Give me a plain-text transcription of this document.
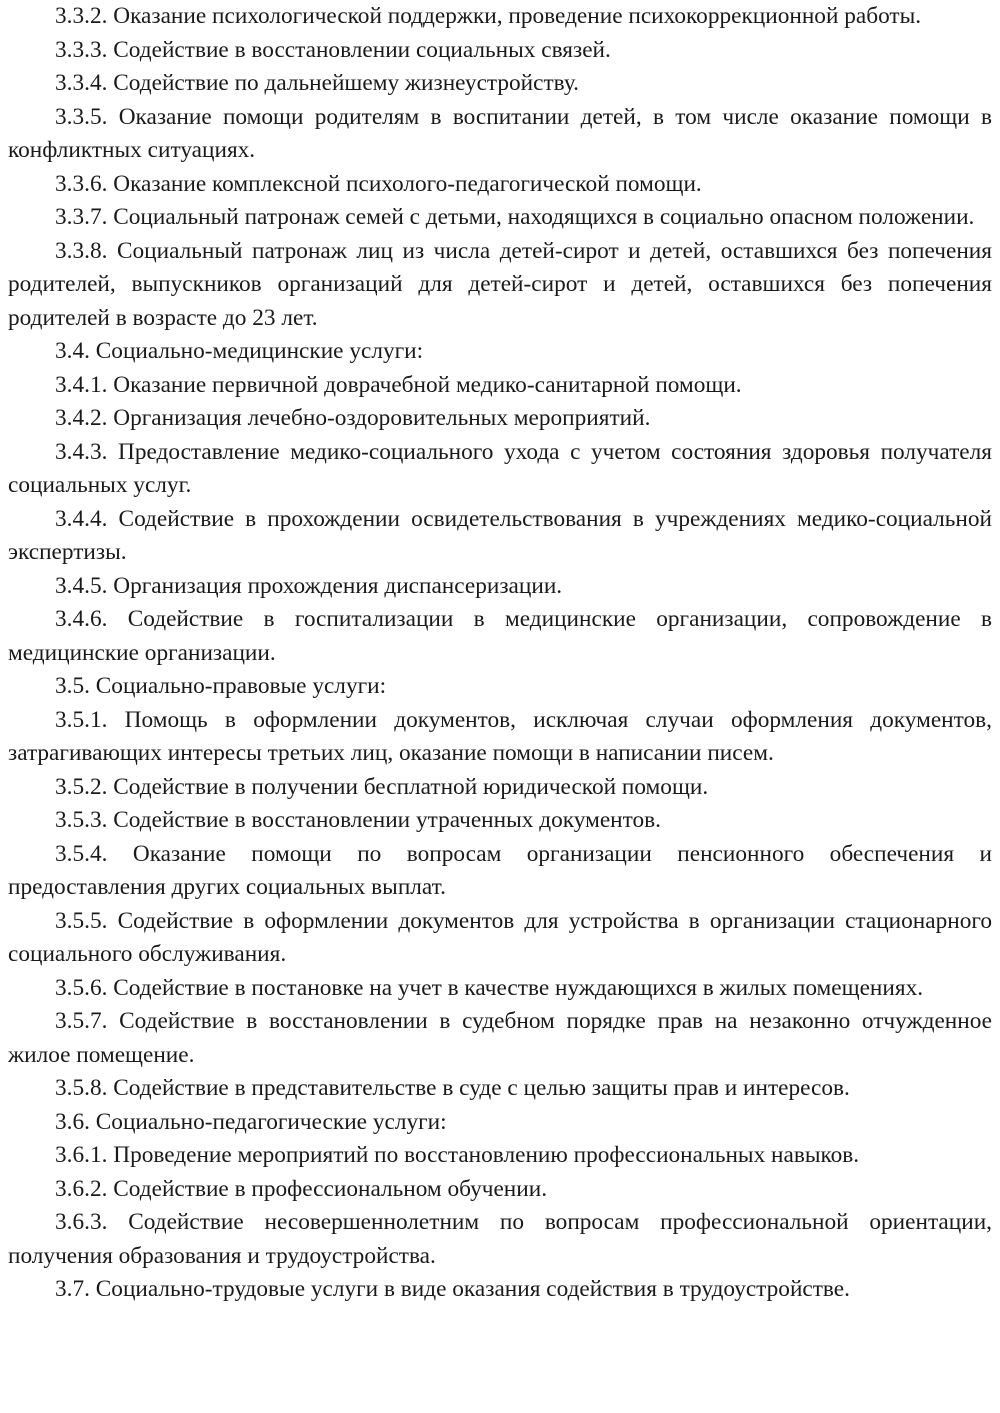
3.3.2. Оказание психологической поддержки, проведение психокоррекционной работы.

3.3.3. Содействие в восстановлении социальных связей.

3.3.4. Содействие по дальнейшему жизнеустройству.

3.3.5. Оказание помощи родителям в воспитании детей, в том числе оказание помощи в конфликтных ситуациях.

3.3.6. Оказание комплексной психолого-педагогической помощи.

3.3.7. Социальный патронаж семей с детьми, находящихся в социально опасном положении.

3.3.8. Социальный патронаж лиц из числа детей-сирот и детей, оставшихся без попечения родителей, выпускников организаций для детей-сирот и детей, оставшихся без попечения родителей в возрасте до 23 лет.

3.4. Социально-медицинские услуги:

3.4.1. Оказание первичной доврачебной медико-санитарной помощи.

3.4.2. Организация лечебно-оздоровительных мероприятий.

3.4.3. Предоставление медико-социального ухода с учетом состояния здоровья получателя социальных услуг.

3.4.4. Содействие в прохождении освидетельствования в учреждениях медико-социальной экспертизы.

3.4.5. Организация прохождения диспансеризации.

3.4.6. Содействие в госпитализации в медицинские организации, сопровождение в медицинские организации.

3.5. Социально-правовые услуги:

3.5.1. Помощь в оформлении документов, исключая случаи оформления документов, затрагивающих интересы третьих лиц, оказание помощи в написании писем.

3.5.2. Содействие в получении бесплатной юридической помощи.

3.5.3. Содействие в восстановлении утраченных документов.

3.5.4. Оказание помощи по вопросам организации пенсионного обеспечения и предоставления других социальных выплат.

3.5.5. Содействие в оформлении документов для устройства в организации стационарного социального обслуживания.

3.5.6. Содействие в постановке на учет в качестве нуждающихся в жилых помещениях.

3.5.7. Содействие в восстановлении в судебном порядке прав на незаконно отчужденное жилое помещение.

3.5.8. Содействие в представительстве в суде с целью защиты прав и интересов.

3.6. Социально-педагогические услуги:

3.6.1. Проведение мероприятий по восстановлению профессиональных навыков.

3.6.2. Содействие в профессиональном обучении.

3.6.3. Содействие несовершеннолетним по вопросам профессиональной ориентации, получения образования и трудоустройства.

3.7. Социально-трудовые услуги в виде оказания содействия в трудоустройстве.
